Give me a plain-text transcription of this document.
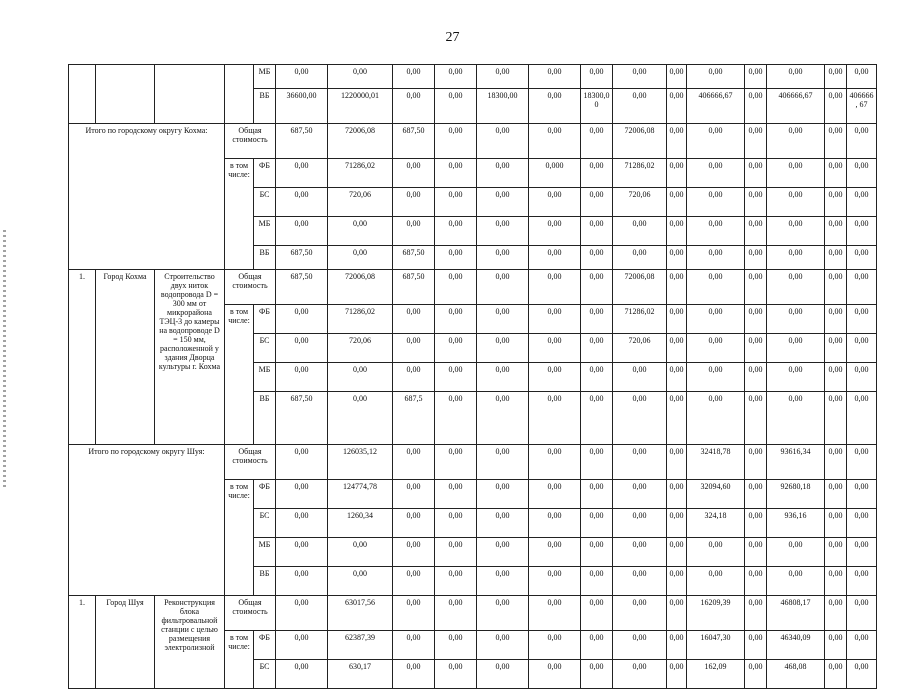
27
				МБ	0,00	0,00	0,00	0,00	0,00	0,00	0,00	0,00	0,00	0,00	0,00	0,00	0,00	0,00
				ВБ	36600,00	1220000,01	0,00	0,00	18300,00	0,00	18300,0 0	0,00	0,00	406666,67	0,00	406666,67	0,00	406666, 67
Итого по городскому округу Кохма:			Общая стоимость		687,50	72006,08	687,50	0,00	0,00	0,00	0,00	72006,08	0,00	0,00	0,00	0,00	0,00	0,00
			в том числе:	ФБ	0,00	71286,02	0,00	0,00	0,00	0,000	0,00	71286,02	0,00	0,00	0,00	0,00	0,00	0,00
				БС	0,00	720,06	0,00	0,00	0,00	0,00	0,00	720,06	0,00	0,00	0,00	0,00	0,00	0,00
				МБ	0,00	0,00	0,00	0,00	0,00	0,00	0,00	0,00	0,00	0,00	0,00	0,00	0,00	0,00
				ВБ	687,50	0,00	687,50	0,00	0,00	0,00	0,00	0,00	0,00	0,00	0,00	0,00	0,00	0,00
1.	Город Кохма	Строительство двух ниток водопровода D = 300 мм от микрорайона ТЭЦ-3 до камеры на водопроводе D = 150 мм, расположенной у здания Дворца культуры г. Кохма	Общая стоимость		687,50	72006,08	687,50	0,00	0,00	0,00	0,00	72006,08	0,00	0,00	0,00	0,00	0,00	0,00
			в том числе:	ФБ	0,00	71286,02	0,00	0,00	0,00	0,00	0,00	71286,02	0,00	0,00	0,00	0,00	0,00	0,00
				БС	0,00	720,06	0,00	0,00	0,00	0,00	0,00	720,06	0,00	0,00	0,00	0,00	0,00	0,00
				МБ	0,00	0,00	0,00	0,00	0,00	0,00	0,00	0,00	0,00	0,00	0,00	0,00	0,00	0,00
				ВБ	687,50	0,00	687,5	0,00	0,00	0,00	0,00	0,00	0,00	0,00	0,00	0,00	0,00	0,00
Итого по городскому округу Шуя:			Общая стоимость		0,00	126035,12	0,00	0,00	0,00	0,00	0,00	0,00	0,00	32418,78	0,00	93616,34	0,00	0,00
			в том числе:	ФБ	0,00	124774,78	0,00	0,00	0,00	0,00	0,00	0,00	0,00	32094,60	0,00	92680,18	0,00	0,00
				БС	0,00	1260,34	0,00	0,00	0,00	0,00	0,00	0,00	0,00	324,18	0,00	936,16	0,00	0,00
				МБ	0,00	0,00	0,00	0,00	0,00	0,00	0,00	0,00	0,00	0,00	0,00	0,00	0,00	0,00
				ВБ	0,00	0,00	0,00	0,00	0,00	0,00	0,00	0,00	0,00	0,00	0,00	0,00	0,00	0,00
1.	Город Шуя	Реконструкция блока фильтровальной станции с целью размещения электролизной	Общая стоимость		0,00	63017,56	0,00	0,00	0,00	0,00	0,00	0,00	0,00	16209,39	0,00	46808,17	0,00	0,00
			в том числе:	ФБ	0,00	62387,39	0,00	0,00	0,00	0,00	0,00	0,00	0,00	16047,30	0,00	46340,09	0,00	0,00
				БС	0,00	630,17	0,00	0,00	0,00	0,00	0,00	0,00	0,00	162,09	0,00	468,08	0,00	0,00
